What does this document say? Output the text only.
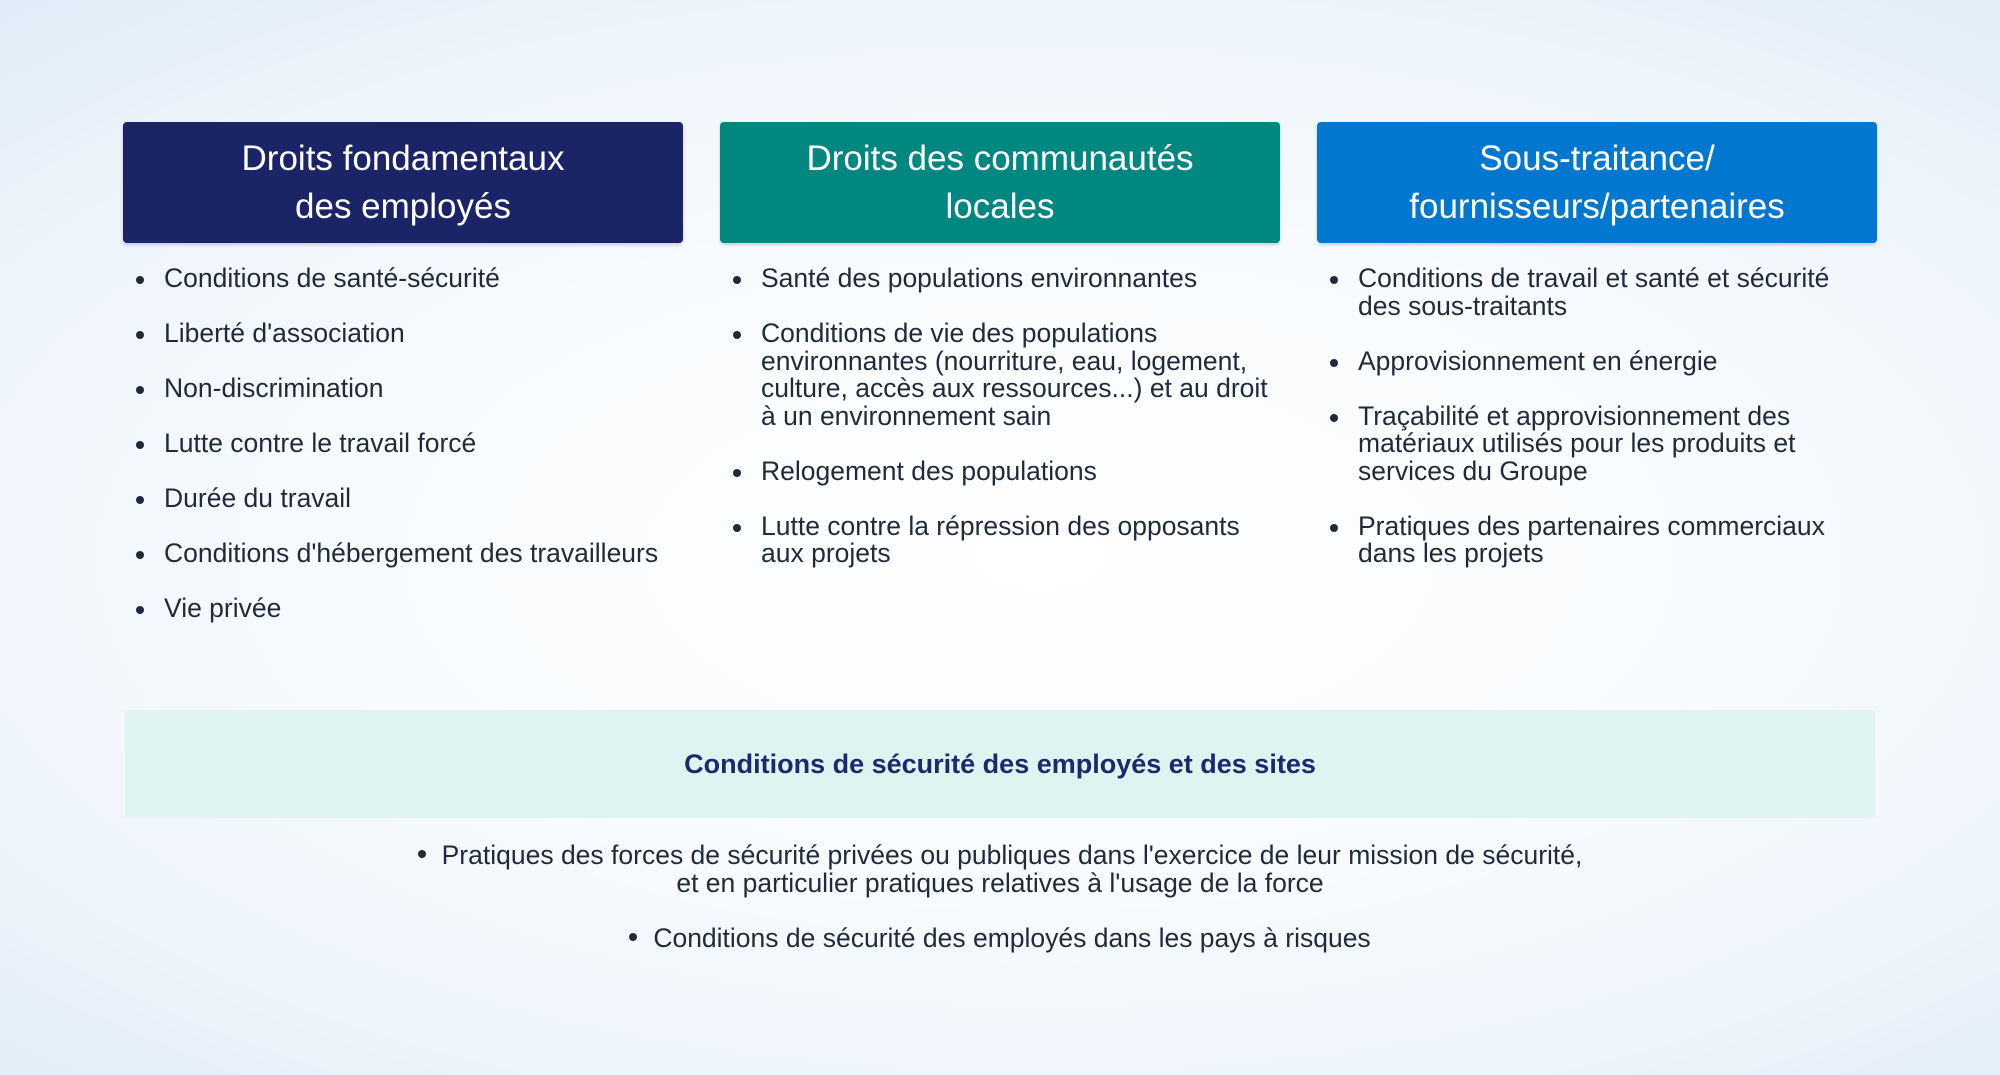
Droits fondamentaux
des employés
Conditions de santé-sécurité
Liberté d'association
Non-discrimination
Lutte contre le travail forcé
Durée du travail
Conditions d'hébergement des travailleurs
Vie privée
Droits des communautés
locales
Santé des populations environnantes
Conditions de vie des populations environnantes (nourriture, eau, logement, culture, accès aux ressources...) et au droit à un environnement sain
Relogement des populations
Lutte contre la répression des opposants aux projets
Sous-traitance/
fournisseurs/partenaires
Conditions de travail et santé et sécurité des sous-traitants
Approvisionnement en énergie
Traçabilité et approvisionnement des matériaux utilisés pour les produits et services du Groupe
Pratiques des partenaires commerciaux dans les projets
Conditions de sécurité des employés et des sites
Pratiques des forces de sécurité privées ou publiques dans l'exercice de leur mission de sécurité,
et en particulier pratiques relatives à l'usage de la force
Conditions de sécurité des employés dans les pays à risques
